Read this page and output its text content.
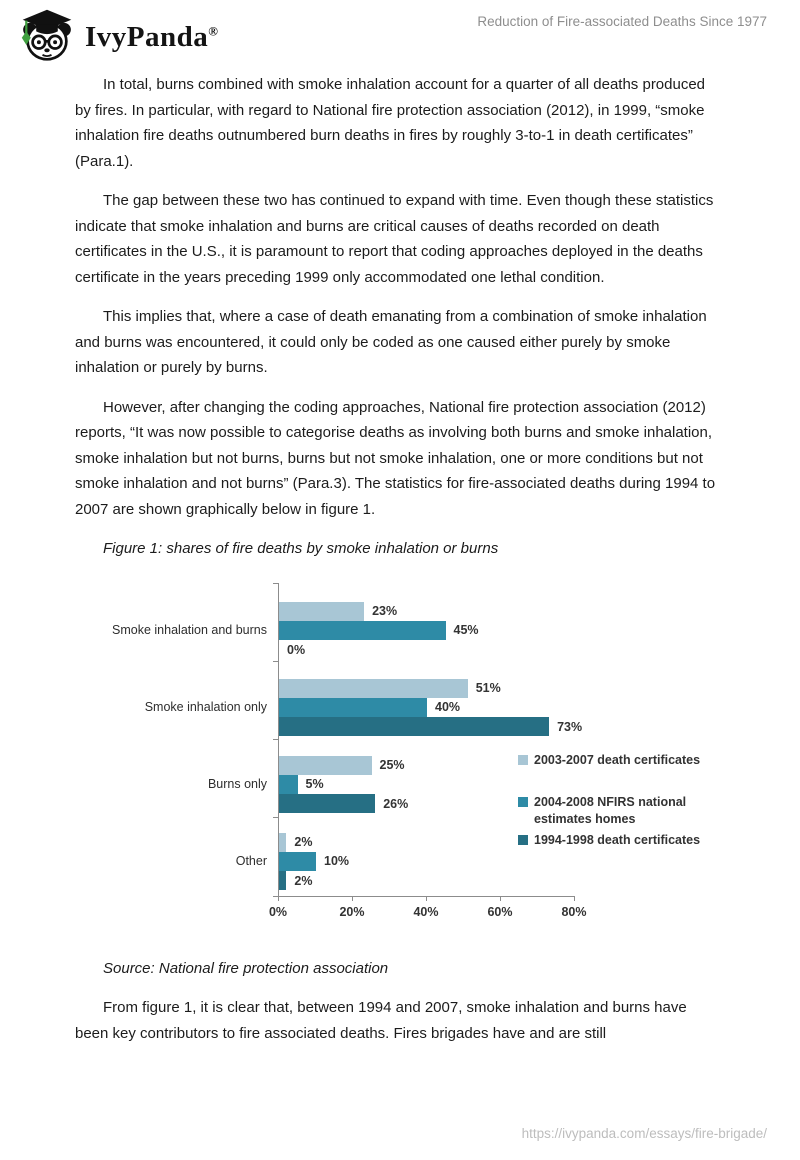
IvyPanda®
Reduction of Fire-associated Deaths Since 1977

In total, burns combined with smoke inhalation account for a quarter of all deaths produced by fires. In particular, with regard to National fire protection association (2012), in 1999, “smoke inhalation fire deaths outnumbered burn deaths in fires by roughly 3-to-1 in death certificates” (Para.1).

The gap between these two has continued to expand with time. Even though these statistics indicate that smoke inhalation and burns are critical causes of deaths recorded on death certificates in the U.S., it is paramount to report that coding approaches deployed in the deaths certificate in the years preceding 1999 only accommodated one lethal condition.

This implies that, where a case of death emanating from a combination of smoke inhalation and burns was encountered, it could only be coded as one caused either purely by smoke inhalation or purely by burns.

However, after changing the coding approaches, National fire protection association (2012) reports, “It was now possible to categorise deaths as involving both burns and smoke inhalation, smoke inhalation but not burns, burns but not smoke inhalation, one or more conditions but not smoke inhalation and not burns” (Para.3). The statistics for fire-associated deaths during 1994 to 2007 are shown graphically below in figure 1.

Figure 1: shares of fire deaths by smoke inhalation or burns

0%	20%	40%	60%	80%
Smoke inhalation and burns
23%
45%
0%
Smoke inhalation only
51%
40%
73%
Burns only
25%
5%
26%
Other
2%
10%
2%
2003-2007 death certificates
2004-2008 NFIRS national estimates homes
1994-1998 death certificates

Source: National fire protection association

From figure 1, it is clear that, between 1994 and 2007, smoke inhalation and burns have been key contributors to fire associated deaths. Fires brigades have and are still

https://ivypanda.com/essays/fire-brigade/
